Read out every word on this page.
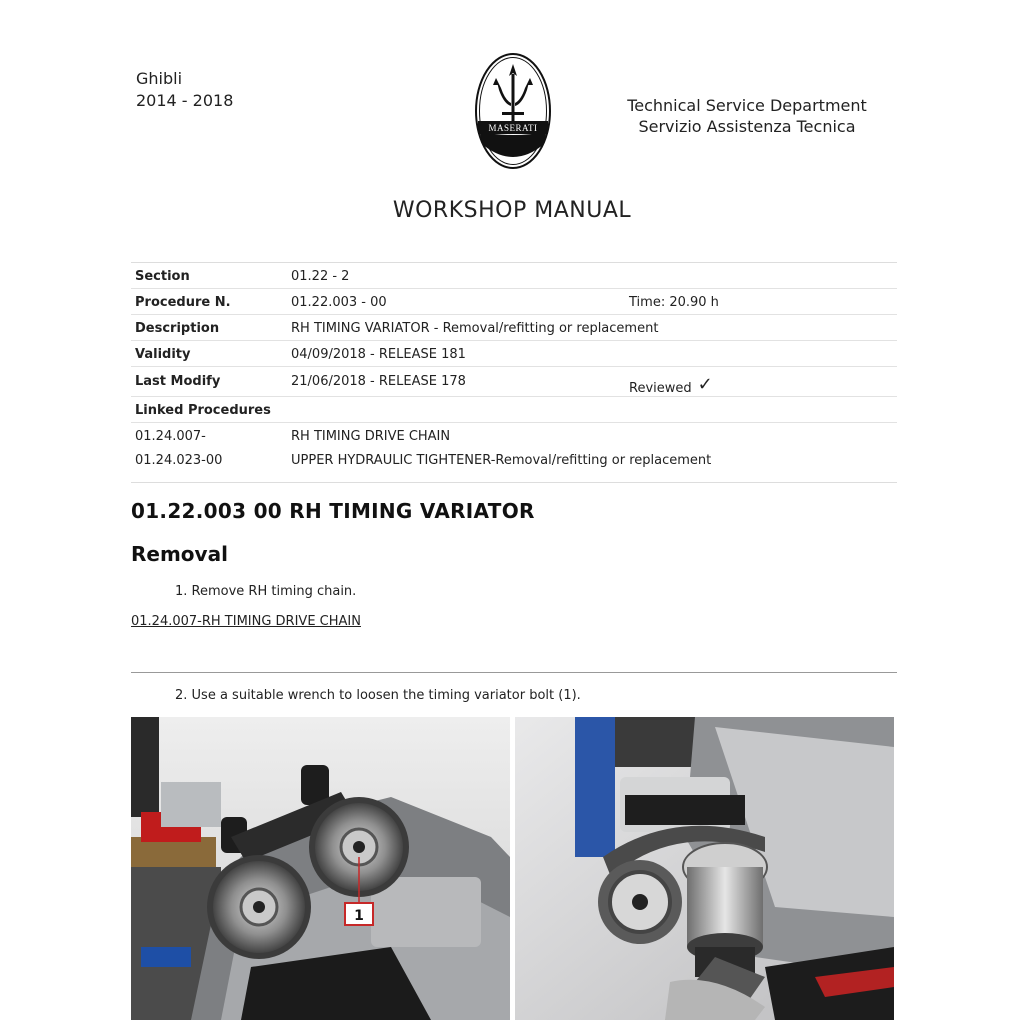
Ghibli
2014 - 2018
MASERATI
Technical Service Department
Servizio Assistenza Tecnica
WORKSHOP MANUAL
Section	01.22 - 2
Procedure N.	01.22.003 - 00	Time: 20.90 h
Description	RH TIMING VARIATOR - Removal/refitting or replacement
Validity	04/09/2018 - RELEASE 181
Last Modify	21/06/2018 - RELEASE 178	Reviewed ✓
Linked Procedures
01.24.007-	RH TIMING DRIVE CHAIN
01.24.023-00	UPPER HYDRAULIC TIGHTENER-Removal/refitting or replacement
01.22.003 00 RH TIMING VARIATOR
Removal
1. Remove RH timing chain.
01.24.007-RH TIMING DRIVE CHAIN
2. Use a suitable wrench to loosen the timing variator bolt (1).
1
